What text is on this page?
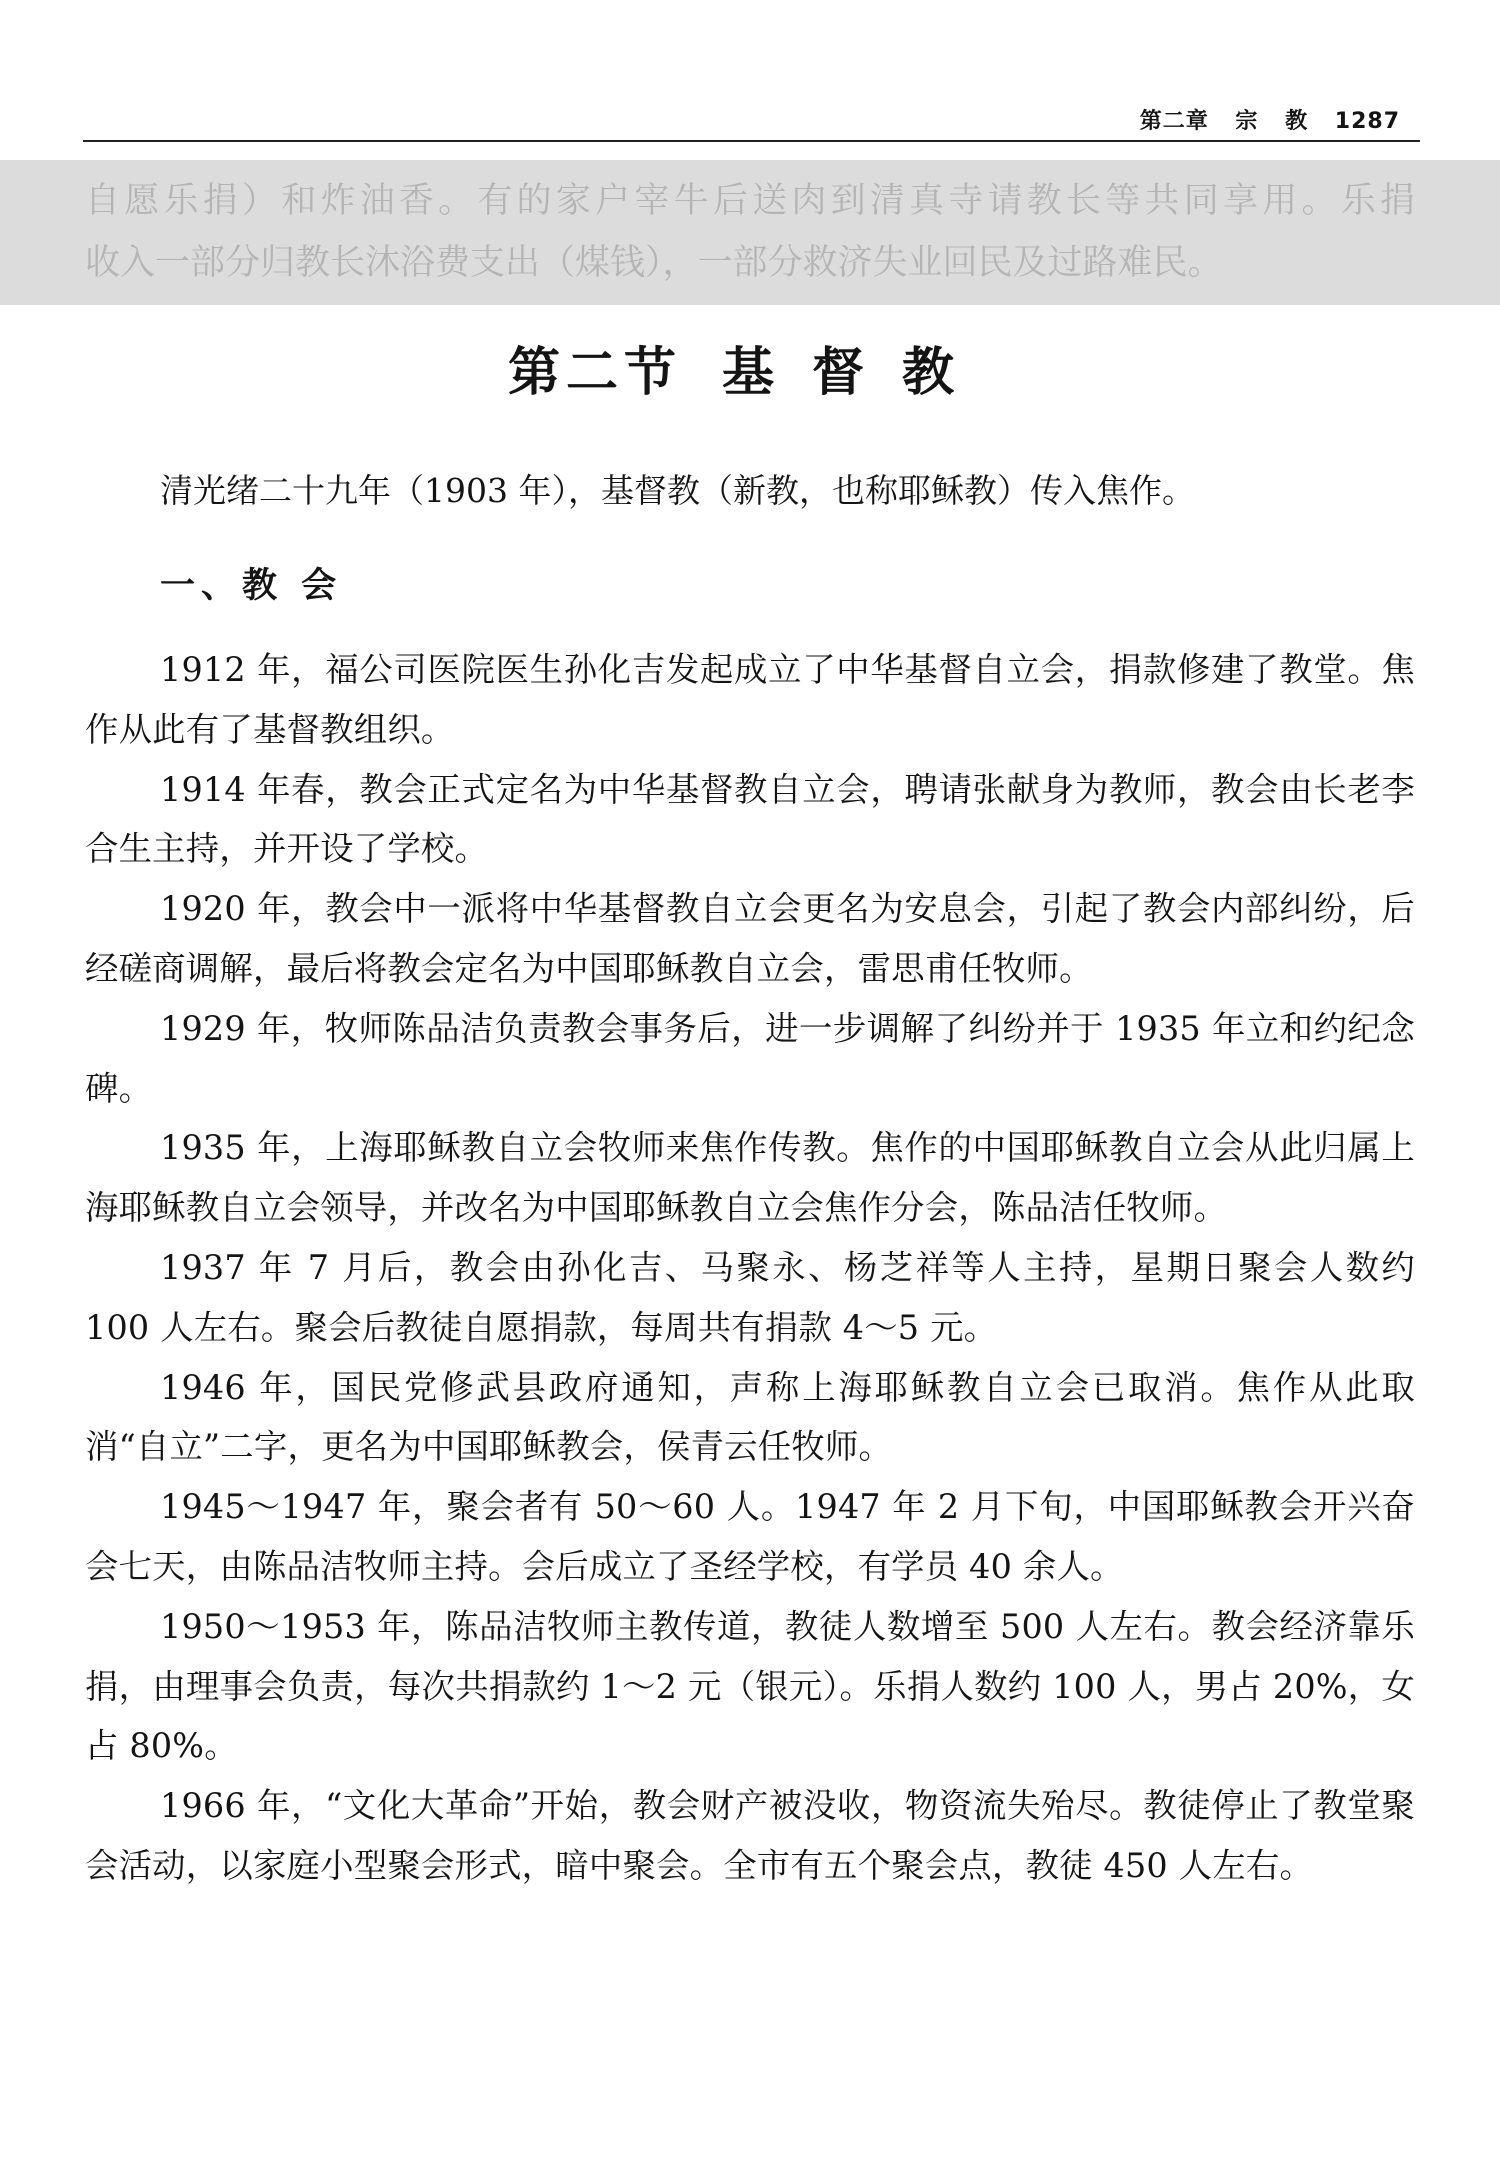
第二章 宗 教 1287

自愿乐捐）和炸油香。有的家户宰牛后送肉到清真寺请教长等共同享用。乐捐

收入一部分归教长沐浴费支出（煤钱），一部分救济失业回民及过路难民。

第二节 基督教

清光绪二十九年（1903 年），基督教（新教，也称耶稣教）传入焦作。

一、教 会

1912 年，福公司医院医生孙化吉发起成立了中华基督自立会，捐款修建了教堂。焦作从此有了基督教组织。

1914 年春，教会正式定名为中华基督教自立会，聘请张献身为教师，教会由长老李合生主持，并开设了学校。

1920 年，教会中一派将中华基督教自立会更名为安息会，引起了教会内部纠纷，后经磋商调解，最后将教会定名为中国耶稣教自立会，雷思甫任牧师。

1929 年，牧师陈品洁负责教会事务后，进一步调解了纠纷并于 1935 年立和约纪念碑。

1935 年，上海耶稣教自立会牧师来焦作传教。焦作的中国耶稣教自立会从此归属上海耶稣教自立会领导，并改名为中国耶稣教自立会焦作分会，陈品洁任牧师。

1937 年 7 月后，教会由孙化吉、马聚永、杨芝祥等人主持，星期日聚会人数约 100 人左右。聚会后教徒自愿捐款，每周共有捐款 4～5 元。

1946 年，国民党修武县政府通知，声称上海耶稣教自立会已取消。焦作从此取消“自立”二字，更名为中国耶稣教会，侯青云任牧师。

1945～1947 年，聚会者有 50～60 人。1947 年 2 月下旬，中国耶稣教会开兴奋会七天，由陈品洁牧师主持。会后成立了圣经学校，有学员 40 余人。

1950～1953 年，陈品洁牧师主教传道，教徒人数增至 500 人左右。教会经济靠乐捐，由理事会负责，每次共捐款约 1～2 元（银元）。乐捐人数约 100 人，男占 20%，女占 80%。

1966 年，“文化大革命”开始，教会财产被没收，物资流失殆尽。教徒停止了教堂聚会活动，以家庭小型聚会形式，暗中聚会。全市有五个聚会点，教徒 450 人左右。
